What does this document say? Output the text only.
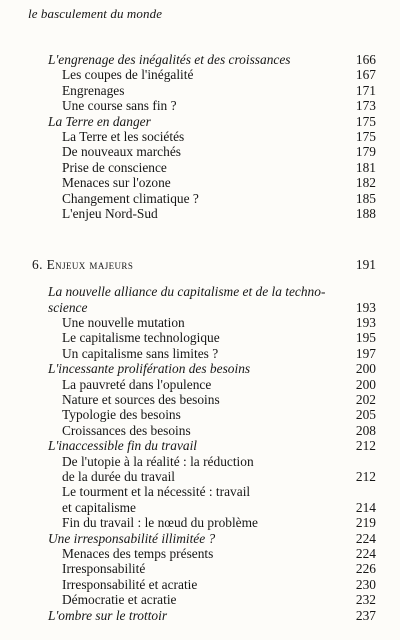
le basculement du monde
L'engrenage des inégalités et des croissances	166
Les coupes de l'inégalité	167
Engrenages	171
Une course sans fin ?	173
La Terre en danger	175
La Terre et les sociétés	175
De nouveaux marchés	179
Prise de conscience	181
Menaces sur l'ozone	182
Changement climatique ?	185
L'enjeu Nord-Sud	188
6. Enjeux majeurs	191
La nouvelle alliance du capitalisme et de la techno-
science	193
Une nouvelle mutation	193
Le capitalisme technologique	195
Un capitalisme sans limites ?	197
L'incessante prolifération des besoins	200
La pauvreté dans l'opulence	200
Nature et sources des besoins	202
Typologie des besoins	205
Croissances des besoins	208
L'inaccessible fin du travail	212
De l'utopie à la réalité : la réduction
de la durée du travail	212
Le tourment et la nécessité : travail
et capitalisme	214
Fin du travail : le nœud du problème	219
Une irresponsabilité illimitée ?	224
Menaces des temps présents	224
Irresponsabilité	226
Irresponsabilité et acratie	230
Démocratie et acratie	232
L'ombre sur le trottoir	237
